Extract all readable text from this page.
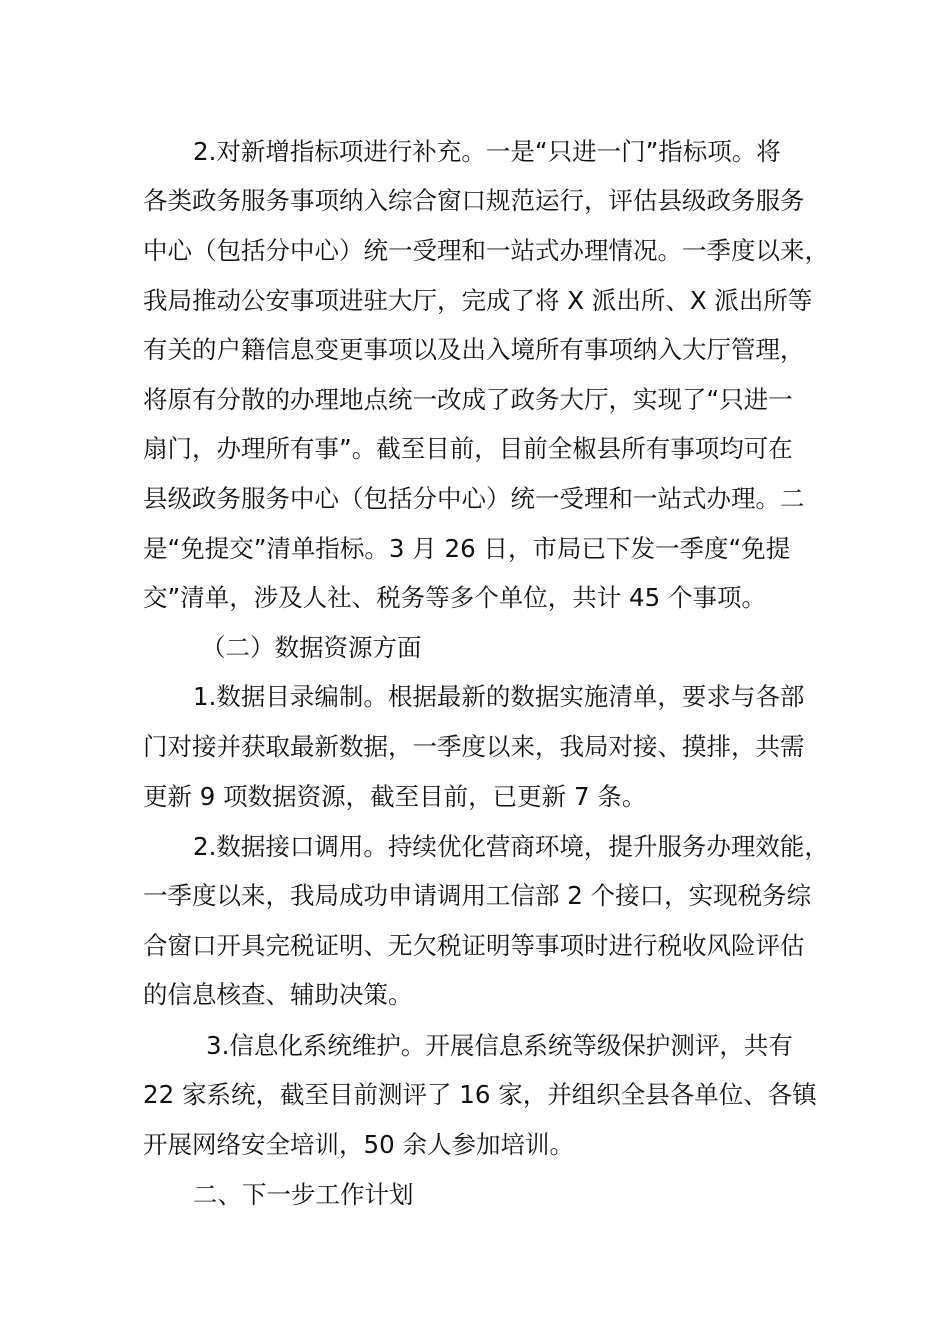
2.对新增指标项进行补充。一是“只进一门”指标项。将
各类政务服务事项纳入综合窗口规范运行，评估县级政务服务
中心（包括分中心）统一受理和一站式办理情况。一季度以来，
我局推动公安事项进驻大厅，完成了将 X 派出所、X 派出所等
有关的户籍信息变更事项以及出入境所有事项纳入大厅管理，
将原有分散的办理地点统一改成了政务大厅，实现了“只进一
扇门，办理所有事”。截至目前，目前全椒县所有事项均可在
县级政务服务中心（包括分中心）统一受理和一站式办理。二
是“免提交”清单指标。3 月 26 日，市局已下发一季度“免提
交”清单，涉及人社、税务等多个单位，共计 45 个事项。
（二）数据资源方面
1.数据目录编制。根据最新的数据实施清单，要求与各部
门对接并获取最新数据，一季度以来，我局对接、摸排，共需
更新 9 项数据资源，截至目前，已更新 7 条。
2.数据接口调用。持续优化营商环境，提升服务办理效能，
一季度以来，我局成功申请调用工信部 2 个接口，实现税务综
合窗口开具完税证明、无欠税证明等事项时进行税收风险评估
的信息核查、辅助决策。
3.信息化系统维护。开展信息系统等级保护测评，共有
22 家系统，截至目前测评了 16 家，并组织全县各单位、各镇
开展网络安全培训，50 余人参加培训。
二、下一步工作计划
